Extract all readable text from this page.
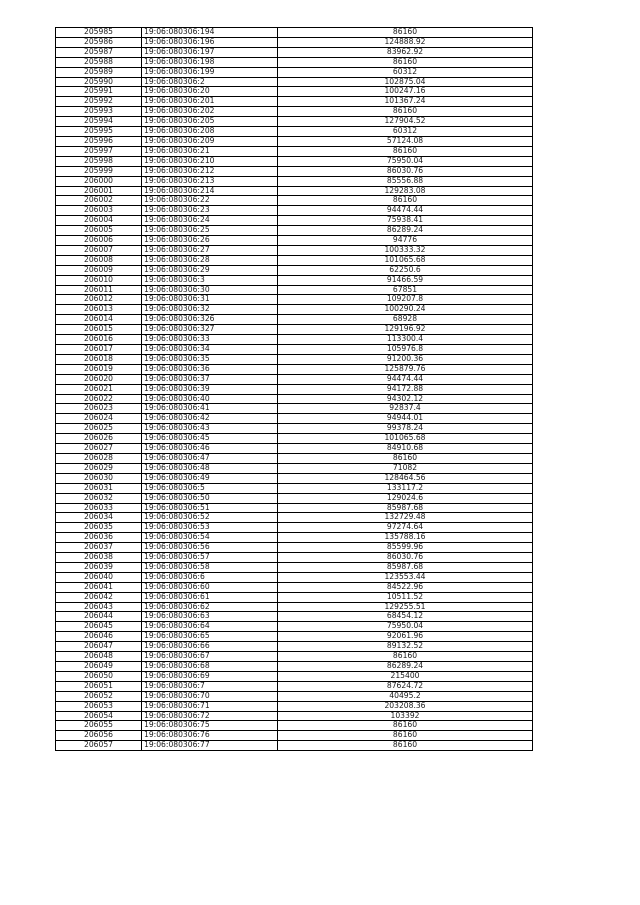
205985	19:06:080306:194	86160
205986	19:06:080306:196	124888.92
205987	19:06:080306:197	83962.92
205988	19:06:080306:198	86160
205989	19:06:080306:199	60312
205990	19:06:080306:2	102875.04
205991	19:06:080306:20	100247.16
205992	19:06:080306:201	101367.24
205993	19:06:080306:202	86160
205994	19:06:080306:205	127904.52
205995	19:06:080306:208	60312
205996	19:06:080306:209	57124.08
205997	19:06:080306:21	86160
205998	19:06:080306:210	75950.04
205999	19:06:080306:212	86030.76
206000	19:06:080306:213	85556.88
206001	19:06:080306:214	129283.08
206002	19:06:080306:22	86160
206003	19:06:080306:23	94474.44
206004	19:06:080306:24	75938.41
206005	19:06:080306:25	86289.24
206006	19:06:080306:26	94776
206007	19:06:080306:27	100333.32
206008	19:06:080306:28	101065.68
206009	19:06:080306:29	62250.6
206010	19:06:080306:3	91466.59
206011	19:06:080306:30	67851
206012	19:06:080306:31	109207.8
206013	19:06:080306:32	100290.24
206014	19:06:080306:326	68928
206015	19:06:080306:327	129196.92
206016	19:06:080306:33	113300.4
206017	19:06:080306:34	105976.8
206018	19:06:080306:35	91200.36
206019	19:06:080306:36	125879.76
206020	19:06:080306:37	94474.44
206021	19:06:080306:39	94172.88
206022	19:06:080306:40	94302.12
206023	19:06:080306:41	92837.4
206024	19:06:080306:42	94944.01
206025	19:06:080306:43	99378.24
206026	19:06:080306:45	101065.68
206027	19:06:080306:46	84910.68
206028	19:06:080306:47	86160
206029	19:06:080306:48	71082
206030	19:06:080306:49	128464.56
206031	19:06:080306:5	133117.2
206032	19:06:080306:50	129024.6
206033	19:06:080306:51	85987.68
206034	19:06:080306:52	132729.48
206035	19:06:080306:53	97274.64
206036	19:06:080306:54	135788.16
206037	19:06:080306:56	85599.96
206038	19:06:080306:57	86030.76
206039	19:06:080306:58	85987.68
206040	19:06:080306:6	123553.44
206041	19:06:080306:60	84522.96
206042	19:06:080306:61	10511.52
206043	19:06:080306:62	129255.51
206044	19:06:080306:63	68454.12
206045	19:06:080306:64	75950.04
206046	19:06:080306:65	92061.96
206047	19:06:080306:66	89132.52
206048	19:06:080306:67	86160
206049	19:06:080306:68	86289.24
206050	19:06:080306:69	215400
206051	19:06:080306:7	87624.72
206052	19:06:080306:70	40495.2
206053	19:06:080306:71	203208.36
206054	19:06:080306:72	103392
206055	19:06:080306:75	86160
206056	19:06:080306:76	86160
206057	19:06:080306:77	86160
